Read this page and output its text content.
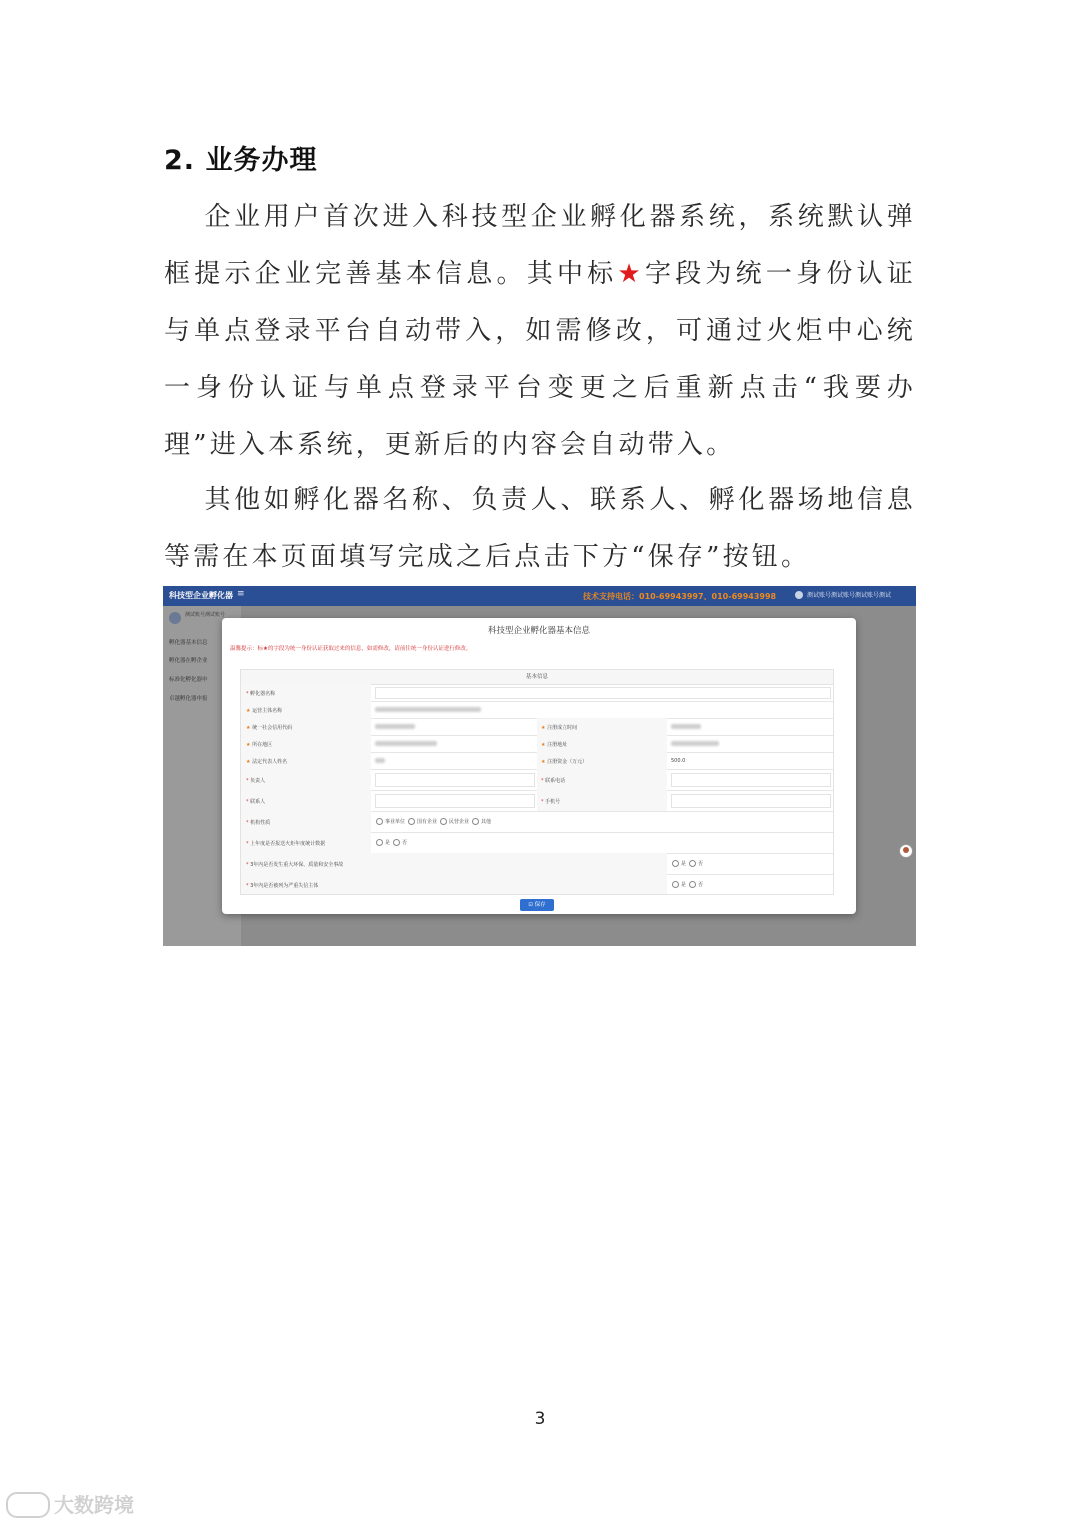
2. 业务办理
企业用户首次进入科技型企业孵化器系统，系统默认弹框提示企业完善基本信息。其中标★字段为统一身份认证与单点登录平台自动带入，如需修改，可通过火炬中心统一身份认证与单点登录平台变更之后重新点击“我要办理”进入本系统，更新后的内容会自动带入。
其他如孵化器名称、负责人、联系人、孵化器场地信息等需在本页面填写完成之后点击下方“保存”按钮。
科技型企业孵化器 ≡	技术支持电话：010-69943997、010-69943998	测试账号测试账号测试账号测试
测试账号测试账号
孵化器基本信息
孵化器在孵企业
标准化孵化器申
卓越孵化器申报
科技型企业孵化器基本信息
温馨提示：标★的字段为统一身份认证获取过来的信息，如需修改，请前往统一身份认证进行修改。
基本信息
* 孵化器名称
★ 运营主体名称
★ 统一社会信用代码	★ 注册成立时间
★ 所在地区	★ 注册地址
★ 法定代表人姓名	★ 注册资金（万元）	500.0
* 负责人	* 联系电话
* 联系人	* 手机号
* 机构性质	事业单位 国有企业 民营企业 其他
* 上年度是否报送火炬年度统计数据	是 否
* 3年内是否发生重大环保、质量和安全事故	是 否
* 3年内是否被列为严重失信主体	是 否
⊡ 保存
3
大数跨境
